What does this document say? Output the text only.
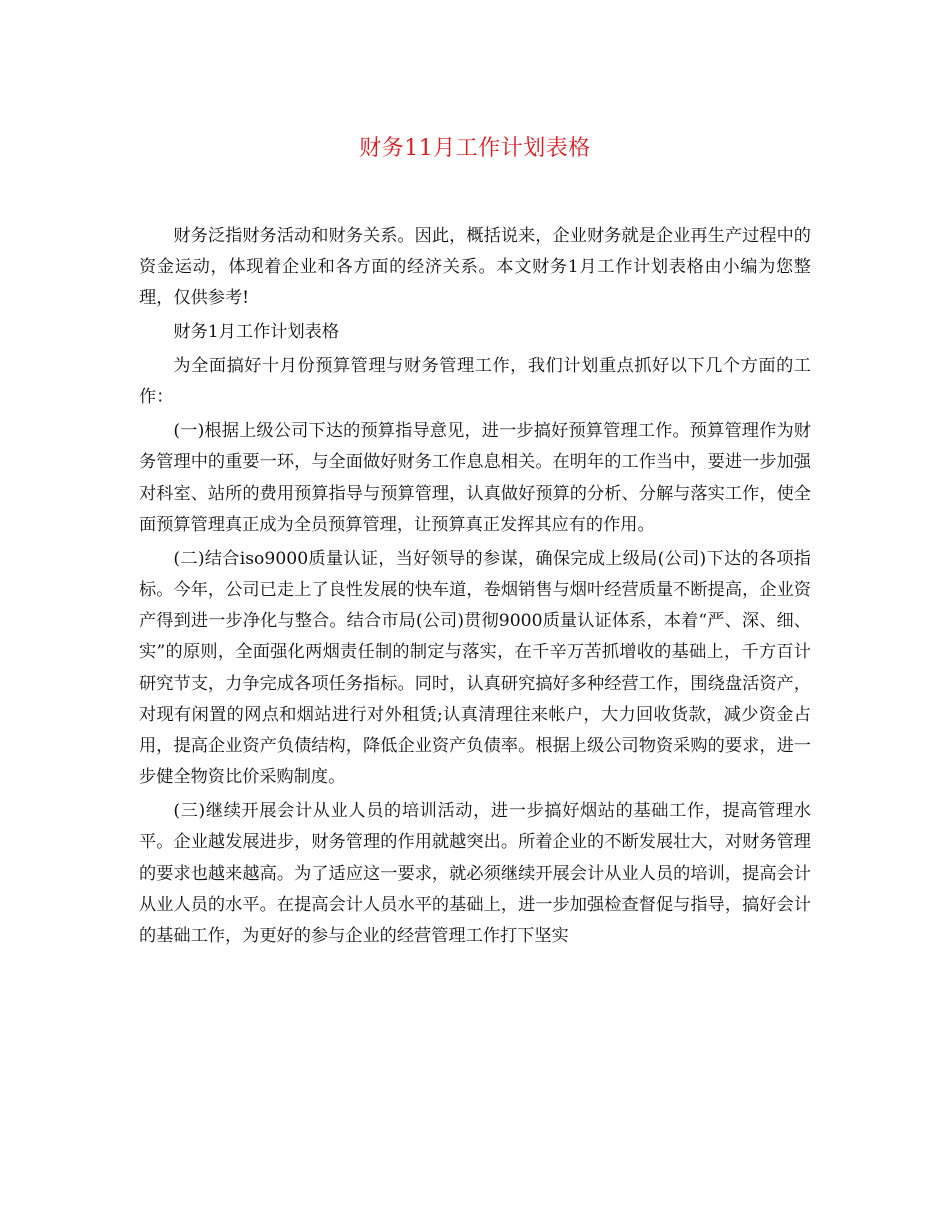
财务11月工作计划表格

财务泛指财务活动和财务关系。因此，概括说来，企业财务就是企业再生产过程中的资金运动，体现着企业和各方面的经济关系。本文财务1月工作计划表格由小编为您整理，仅供参考!

财务1月工作计划表格

为全面搞好十月份预算管理与财务管理工作，我们计划重点抓好以下几个方面的工作：

(一)根据上级公司下达的预算指导意见，进一步搞好预算管理工作。预算管理作为财务管理中的重要一环，与全面做好财务工作息息相关。在明年的工作当中，要进一步加强对科室、站所的费用预算指导与预算管理，认真做好预算的分析、分解与落实工作，使全面预算管理真正成为全员预算管理，让预算真正发挥其应有的作用。

(二)结合iso9000质量认证，当好领导的参谋，确保完成上级局(公司)下达的各项指标。今年，公司已走上了良性发展的快车道，卷烟销售与烟叶经营质量不断提高，企业资产得到进一步净化与整合。结合市局(公司)贯彻9000质量认证体系，本着“严、深、细、实”的原则，全面强化两烟责任制的制定与落实，在千辛万苦抓增收的基础上，千方百计研究节支，力争完成各项任务指标。同时，认真研究搞好多种经营工作，围绕盘活资产，对现有闲置的网点和烟站进行对外租赁;认真清理往来帐户，大力回收货款，减少资金占用，提高企业资产负债结构，降低企业资产负债率。根据上级公司物资采购的要求，进一步健全物资比价采购制度。

(三)继续开展会计从业人员的培训活动，进一步搞好烟站的基础工作，提高管理水平。企业越发展进步，财务管理的作用就越突出。所着企业的不断发展壮大，对财务管理的要求也越来越高。为了适应这一要求，就必须继续开展会计从业人员的培训，提高会计从业人员的水平。在提高会计人员水平的基础上，进一步加强检查督促与指导，搞好会计的基础工作，为更好的参与企业的经营管理工作打下坚实
